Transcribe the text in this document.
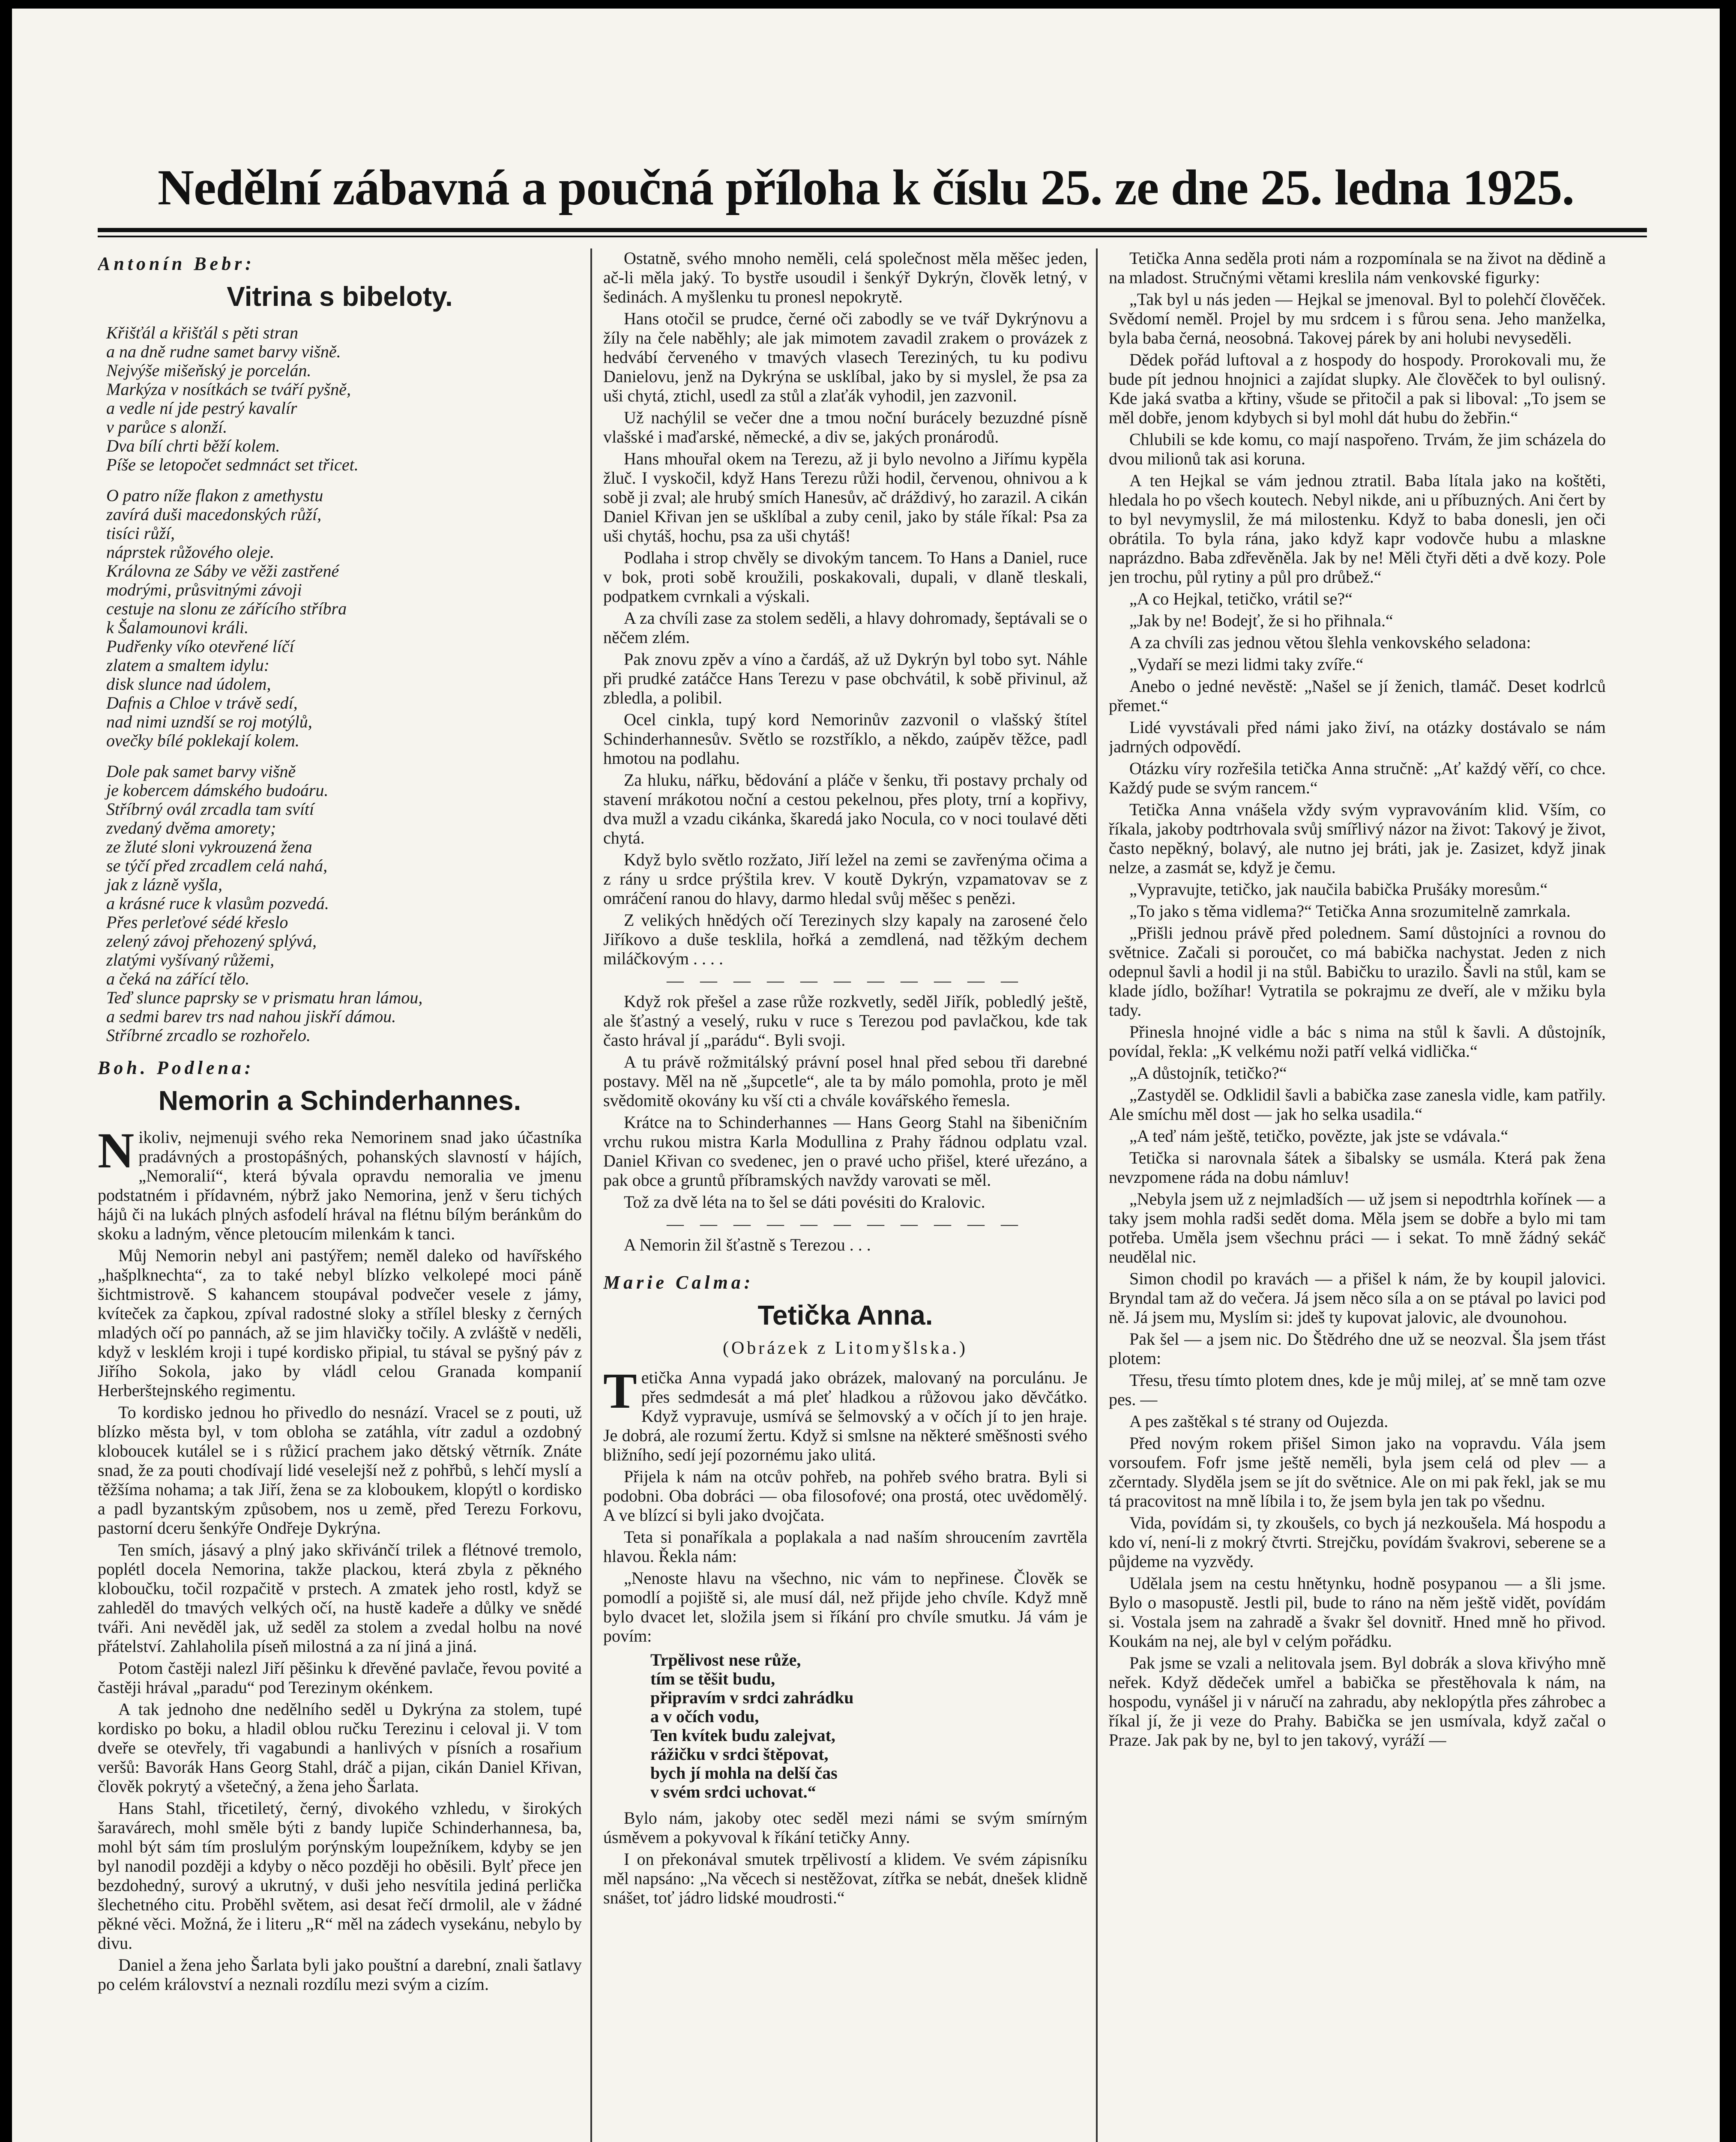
Nedělní zábavná a poučná příloha k číslu 25. ze dne 25. ledna 1925.
Antonín Bebr:
Vitrina s bibeloty.

Křišťál a křišťál s pěti stran
a na dně rudne samet barvy višně.
Nejvýše mišeňský je porcelán.
Markýza v nosítkách se tváří pyšně,
a vedle ní jde pestrý kavalír
v parůce s alonží.
Dva bílí chrti běží kolem.
Píše se letopočet sedmnáct set třicet.

O patro níže flakon z amethystu
zavírá duši macedonských růží,
tisíci růží,
náprstek růžového oleje.
Královna ze Sáby ve věži zastřené
modrými, průsvitnými závoji
cestuje na slonu ze zářícího stříbra
k Šalamounovi králi.
Pudřenky víko otevřené líčí
zlatem a smaltem idylu:
disk slunce nad údolem,
Dafnis a Chloe v trávě sedí,
nad nimi uzndší se roj motýlů,
ovečky bílé poklekají kolem.

Dole pak samet barvy višně
je kobercem dámského budoáru.
Stříbrný ovál zrcadla tam svítí
zvedaný dvěma amorety;
ze žluté sloni vykrouzená žena
se týčí před zrcadlem celá nahá,
jak z lázně vyšla,
a krásné ruce k vlasům pozvedá.
Přes perleťové sédé křeslo
zelený závoj přehozený splývá,
zlatými vyšívaný růžemi,
a čeká na zářící tělo.
Teď slunce paprsky se v prismatu hran lámou,
a sedmi barev trs nad nahou jiskří dámou.
Stříbrné zrcadlo se rozhořelo.

Boh. Podlena:
Nemorin a Schinderhannes.

Nikoliv, nejmenuji svého reka Nemorinem snad jako účastníka pradávných a prostopášných, pohanských slavností v hájích, „Nemoralií“, která bývala opravdu nemoralia ve jmenu podstatném i přídavném, nýbrž jako Nemorina, jenž v šeru tichých hájů či na lukách plných asfodelí hrával na flétnu bílým beránkům do skoku a ladným, věnce pletoucím milenkám k tanci.

Můj Nemorin nebyl ani pastýřem; neměl daleko od havířského „hašplknechta“, za to také nebyl blízko velkolepé moci páně šichtmistrově. S kahancem stoupával podvečer vesele z jámy, kvíteček za čapkou, zpíval radostné sloky a střílel blesky z černých mladých očí po pannách, až se jim hlavičky točily. A zvláště v neděli, když v lesklém kroji i tupé kordisko připial, tu stával se pyšný páv z Jiřího Sokola, jako by vládl celou Granada kompanií Herberštejnského regimentu.

To kordisko jednou ho přivedlo do nesnází. Vracel se z pouti, už blízko města byl, v tom obloha se zatáhla, vítr zadul a ozdobný kloboucek kutálel se i s růžicí prachem jako dětský větrník. Znáte snad, že za pouti chodívají lidé veselejší než z pohřbů, s lehčí myslí a těžšíma nohama; a tak Jiří, žena se za kloboukem, klopýtl o kordisko a padl byzantským způsobem, nos u země, před Terezu Forkovu, pastorní dceru šenkýře Ondřeje Dykrýna.

Ten smích, jásavý a plný jako skřivánčí trilek a flétnové tremolo, poplétl docela Nemorina, takže plackou, která zbyla z pěkného kloboučku, točil rozpačitě v prstech. A zmatek jeho rostl, když se zahleděl do tmavých velkých očí, na hustě kadeře a důlky ve snědé tváři. Ani nevěděl jak, už seděl za stolem a zvedal holbu na nové přátelství. Zahlaholila píseň milostná a za ní jiná a jiná.

Potom častěji nalezl Jiří pěšinku k dřevěné pavlače, řevou povité a častěji hrával „paradu“ pod Terezinym okénkem.

A tak jednoho dne nedělního seděl u Dykrýna za stolem, tupé kordisko po boku, a hladil oblou ručku Terezinu i celoval ji. V tom dveře se otevřely, tři vagabundi a hanlivých v písních a rosařium veršů: Bavorák Hans Georg Stahl, dráč a pijan, cikán Daniel Křivan, člověk pokrytý a všetečný, a žena jeho Šarlata.

Hans Stahl, třicetiletý, černý, divokého vzhledu, v širokých šaravárech, mohl směle býti z bandy lupiče Schinderhannesa, ba, mohl být sám tím proslulým porýnským loupežníkem, kdyby se jen byl nanodil později a kdyby o něco později ho oběsili. Bylť přece jen bezdohedný, surový a ukrutný, v duši jeho nesvítila jediná perlička šlechetného citu. Proběhl světem, asi desat řečí drmolil, ale v žádné pěkné věci. Možná, že i literu „R“ měl na zádech vysekánu, nebylo by divu.

Daniel a žena jeho Šarlata byli jako pouštní a darební, znali šatlavy po celém království a neznali rozdílu mezi svým a cizím.

Ostatně, svého mnoho neměli, celá společnost měla měšec jeden, ač-li měla jaký. To bystře usoudil i šenkýř Dykrýn, člověk letný, v šedinách. A myšlenku tu pronesl nepokrytě.

Hans otočil se prudce, černé oči zabodly se ve tvář Dykrýnovu a žíly na čele naběhly; ale jak mimotem zavadil zrakem o provázek z hedvábí červeného v tmavých vlasech Tereziných, tu ku podivu Danielovu, jenž na Dykrýna se usklíbal, jako by si myslel, že psa za uši chytá, ztichl, usedl za stůl a zlaťák vyhodil, jen zazvonil.

Už nachýlil se večer dne a tmou noční burácely bezuzdné písně vlašské i maďarské, německé, a div se, jakých pronárodů.

Hans mhouřal okem na Terezu, až ji bylo nevolno a Jiřímu kypěla žluč. I vyskočil, když Hans Terezu růži hodil, červenou, ohnivou a k sobě ji zval; ale hrubý smích Hanesův, ač dráždivý, ho zarazil. A cikán Daniel Křivan jen se ušklíbal a zuby cenil, jako by stále říkal: Psa za uši chytáš, hochu, psa za uši chytáš!

Podlaha i strop chvěly se divokým tancem. To Hans a Daniel, ruce v bok, proti sobě kroužili, poskakovali, dupali, v dlaně tleskali, podpatkem cvrnkali a výskali.

A za chvíli zase za stolem seděli, a hlavy dohromady, šeptávali se o něčem zlém.

Pak znovu zpěv a víno a čardáš, až už Dykrýn byl tobo syt. Náhle při prudké zatáčce Hans Terezu v pase obchvátil, k sobě přivinul, až zbledla, a polibil.

Ocel cinkla, tupý kord Nemorinův zazvonil o vlašský štítel Schinderhannesův. Světlo se rozstříklo, a někdo, zaúpěv těžce, padl hmotou na podlahu.

Za hluku, nářku, bědování a pláče v šenku, tři postavy prchaly od stavení mrákotou noční a cestou pekelnou, přes ploty, trní a kopřivy, dva mužl a vzadu cikánka, škaredá jako Nocula, co v noci toulavé děti chytá.

Když bylo světlo rozžato, Jiří ležel na zemi se zavřenýma očima a z rány u srdce prýštila krev. V koutě Dykrýn, vzpamatovav se z omráčení ranou do hlavy, darmo hledal svůj měšec s penězi.

Z velikých hnědých očí Terezinych slzy kapaly na zarosené čelo Jiříkovo a duše tesklila, hořká a zemdlená, nad těžkým dechem miláčkovým . . . .

— — — — — — — — — — —

Když rok přešel a zase růže rozkvetly, seděl Jiřík, pobledlý ještě, ale šťastný a veselý, ruku v ruce s Terezou pod pavlačkou, kde tak často hrával jí „parádu“. Byli svoji.

A tu právě rožmitálský právní posel hnal před sebou tři darebné postavy. Měl na ně „šupcetle“, ale ta by málo pomohla, proto je měl svědomitě okovány ku vší cti a chvále kovářského řemesla.

Krátce na to Schinderhannes — Hans Georg Stahl na šibeničním vrchu rukou mistra Karla Modullina z Prahy řádnou odplatu vzal. Daniel Křivan co svedenec, jen o pravé ucho přišel, které uřezáno, a pak obce a gruntů příbramských navždy varovati se měl.

Tož za dvě léta na to šel se dáti povésiti do Kralovic.

— — — — — — — — — — —

A Nemorin žil šťastně s Terezou . . .

Marie Calma:
Tetička Anna.
(Obrázek z Litomyšlska.)

Tetička Anna vypadá jako obrázek, malovaný na porculánu. Je přes sedmdesát a má pleť hladkou a růžovou jako děvčátko. Když vypravuje, usmívá se šelmovský a v očích jí to jen hraje. Je dobrá, ale rozumí žertu. Když si smlsne na některé směšnosti svého bližního, sedí její pozornému jako ulitá.

Přijela k nám na otcův pohřeb, na pohřeb svého bratra. Byli si podobni. Oba dobráci — oba filosofové; ona prostá, otec uvědomělý. A ve blízcí si byli jako dvojčata.

Teta si ponaříkala a poplakala a nad naším shroucením zavrtěla hlavou. Řekla nám:

„Nenoste hlavu na všechno, nic vám to nepřinese. Člověk se pomodlí a pojiště si, ale musí dál, než přijde jeho chvíle. Když mně bylo dvacet let, složila jsem si říkání pro chvíle smutku. Já vám je povím:

Trpělivost nese růže,
tím se těšit budu,
připravím v srdci zahrádku
a v očích vodu,
Ten kvítek budu zalejvat,
rážičku v srdci štěpovat,
bych jí mohla na delší čas
v svém srdci uchovat.“

Bylo nám, jakoby otec seděl mezi námi se svým smírným úsměvem a pokyvoval k říkání tetičky Anny.

I on překonával smutek trpělivostí a klidem. Ve svém zápisníku měl napsáno: „Na věcech si nestěžovat, zítřka se nebát, dnešek klidně snášet, toť jádro lidské moudrosti.“

Tetička Anna seděla proti nám a rozpomínala se na život na dědině a na mladost. Stručnými větami kreslila nám venkovské figurky:

„Tak byl u nás jeden — Hejkal se jmenoval. Byl to polehčí člověček. Svědomí neměl. Projel by mu srdcem i s fůrou sena. Jeho manželka, byla baba černá, neosobná. Takovej párek by ani holubi nevyseděli.

Dědek pořád luftoval a z hospody do hospody. Prorokovali mu, že bude pít jednou hnojnici a zajídat slupky. Ale člověček to byl oulisný. Kde jaká svatba a křtiny, všude se přitočil a pak si liboval: „To jsem se měl dobře, jenom kdybych si byl mohl dát hubu do žebřin.“

Chlubili se kde komu, co mají naspořeno. Trvám, že jim scházela do dvou milionů tak asi koruna.

A ten Hejkal se vám jednou ztratil. Baba lítala jako na koštěti, hledala ho po všech koutech. Nebyl nikde, ani u příbuzných. Ani čert by to byl nevymyslil, že má milostenku. Když to baba donesli, jen oči obrátila. To byla rána, jako když kapr vodovče hubu a mlaskne naprázdno. Baba zdřevěněla. Jak by ne! Měli čtyři děti a dvě kozy. Pole jen trochu, půl rytiny a půl pro drůbež.“

„A co Hejkal, tetičko, vrátil se?“

„Jak by ne! Bodejť, že si ho přihnala.“

A za chvíli zas jednou větou šlehla venkovského seladona:

„Vydaří se mezi lidmi taky zvíře.“

Anebo o jedné nevěstě: „Našel se jí ženich, tlamáč. Deset kodrlců přemet.“

Lidé vyvstávali před námi jako živí, na otázky dostávalo se nám jadrných odpovědí.

Otázku víry rozřešila tetička Anna stručně: „Ať každý věří, co chce. Každý pude se svým rancem.“

Tetička Anna vnášela vždy svým vypravováním klid. Vším, co říkala, jakoby podtrhovala svůj smířlivý názor na život: Takový je život, často nepěkný, bolavý, ale nutno jej bráti, jak je. Zasizet, když jinak nelze, a zasmát se, když je čemu.

„Vypravujte, tetičko, jak naučila babička Prušáky moresům.“

„To jako s těma vidlema?“ Tetička Anna srozumitelně zamrkala.

„Přišli jednou právě před polednem. Samí důstojníci a rovnou do světnice. Začali si poroučet, co má babička nachystat. Jeden z nich odepnul šavli a hodil ji na stůl. Babičku to urazilo. Šavli na stůl, kam se klade jídlo, božíhar! Vytratila se pokrajmu ze dveří, ale v mžiku byla tady.

Přinesla hnojné vidle a bác s nima na stůl k šavli. A důstojník, povídal, řekla: „K velkému noži patří velká vidlička.“

„A důstojník, tetičko?“

„Zastyděl se. Odklidil šavli a babička zase zanesla vidle, kam patřily. Ale smíchu měl dost — jak ho selka usadila.“

„A teď nám ještě, tetičko, povězte, jak jste se vdávala.“

Tetička si narovnala šátek a šibalsky se usmála. Která pak žena nevzpomene ráda na dobu námluv!

„Nebyla jsem už z nejmladších — už jsem si nepodtrhla kořínek — a taky jsem mohla radši sedět doma. Měla jsem se dobře a bylo mi tam potřeba. Uměla jsem všechnu práci — i sekat. To mně žádný sekáč neudělal nic.

Simon chodil po kravách — a přišel k nám, že by koupil jalovici. Bryndal tam až do večera. Já jsem něco síla a on se ptával po lavici pod ně. Já jsem mu, Myslím si: jdeš ty kupovat jalovic, ale dvounohou.

Pak šel — a jsem nic. Do Štědrého dne už se neozval. Šla jsem třást plotem:

Třesu, třesu tímto plotem dnes, kde je můj milej, ať se mně tam ozve pes. —

A pes zaštěkal s té strany od Oujezda.

Před novým rokem přišel Simon jako na vopravdu. Vála jsem vorsoufem. Fofr jsme ještě neměli, byla jsem celá od plev — a zčerntady. Slyděla jsem se jít do světnice. Ale on mi pak řekl, jak se mu tá pracovitost na mně líbila i to, že jsem byla jen tak po všednu.

Vida, povídám si, ty zkoušels, co bych já nezkoušela. Má hospodu a kdo ví, není-li z mokrý čtvrti. Strejčku, povídám švakrovi, seberene se a půjdeme na vyzvědy.

Udělala jsem na cestu hnětynku, hodně posypanou — a šli jsme. Bylo o masopustě. Jestli pil, bude to ráno na něm ještě vidět, povídám si. Vostala jsem na zahradě a švakr šel dovnitř. Hned mně ho přivod. Koukám na nej, ale byl v celým pořádku.

Pak jsme se vzali a nelitovala jsem. Byl dobrák a slova křivýho mně neřek. Když dědeček umřel a babička se přestěhovala k nám, na hospodu, vynášel ji v náručí na zahradu, aby neklopýtla přes záhrobec a říkal jí, že ji veze do Prahy. Babička se jen usmívala, když začal o Praze. Jak pak by ne, byl to jen takový, vyráží —
